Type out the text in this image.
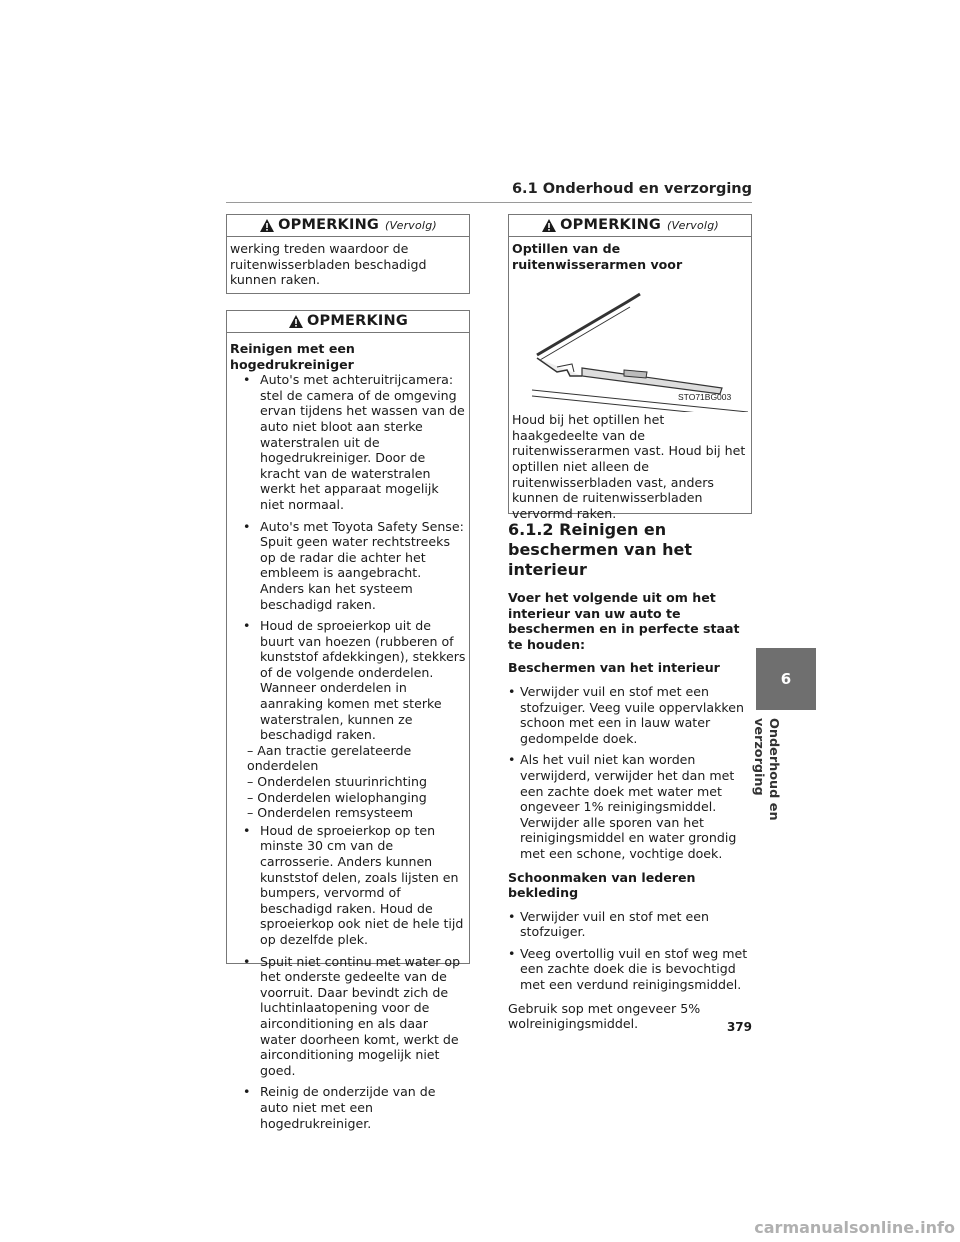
6.1 Onderhoud en verzorging
OPMERKING (Vervolg)
werking treden waardoor de ruitenwisserbladen beschadigd kunnen raken.
OPMERKING
Reinigen met een hogedrukreiniger
• Auto's met achteruitrijcamera: stel de camera of de omgeving ervan tijdens het wassen van de auto niet bloot aan sterke waterstralen uit de hogedrukreiniger. Door de kracht van de waterstralen werkt het apparaat mogelijk niet normaal.
• Auto's met Toyota Safety Sense: Spuit geen water rechtstreeks op de radar die achter het embleem is aangebracht. Anders kan het systeem beschadigd raken.
• Houd de sproeierkop uit de buurt van hoezen (rubberen of kunststof afdekkingen), stekkers of de volgende onderdelen. Wanneer onderdelen in aanraking komen met sterke waterstralen, kunnen ze beschadigd raken.
– Aan tractie gerelateerde onderdelen
– Onderdelen stuurinrichting
– Onderdelen wielophanging
– Onderdelen remsysteem
• Houd de sproeierkop op ten minste 30 cm van de carrosserie. Anders kunnen kunststof delen, zoals lijsten en bumpers, vervormd of beschadigd raken. Houd de sproeierkop ook niet de hele tijd op dezelfde plek.
• Spuit niet continu met water op het onderste gedeelte van de voorruit. Daar bevindt zich de luchtinlaatopening voor de airconditioning en als daar water doorheen komt, werkt de airconditioning mogelijk niet goed.
• Reinig de onderzijde van de auto niet met een hogedrukreiniger.
OPMERKING (Vervolg)
Optillen van de ruitenwisserarmen voor
STO71BG003
Houd bij het optillen het haakgedeelte van de ruitenwisserarmen vast. Houd bij het optillen niet alleen de ruitenwisserbladen vast, anders kunnen de ruitenwisserbladen vervormd raken.
6.1.2 Reinigen en beschermen van het interieur
Voer het volgende uit om het interieur van uw auto te beschermen en in perfecte staat te houden:
Beschermen van het interieur
• Verwijder vuil en stof met een stofzuiger. Veeg vuile oppervlakken schoon met een in lauw water gedompelde doek.
• Als het vuil niet kan worden verwijderd, verwijder het dan met een zachte doek met water met ongeveer 1% reinigingsmiddel. Verwijder alle sporen van het reinigingsmiddel en water grondig met een schone, vochtige doek.
Schoonmaken van lederen bekleding
• Verwijder vuil en stof met een stofzuiger.
• Veeg overtollig vuil en stof weg met een zachte doek die is bevochtigd met een verdund reinigingsmiddel.
Gebruik sop met ongeveer 5% wolreinigingsmiddel.
6
Onderhoud en verzorging
379
carmanualsonline.info
